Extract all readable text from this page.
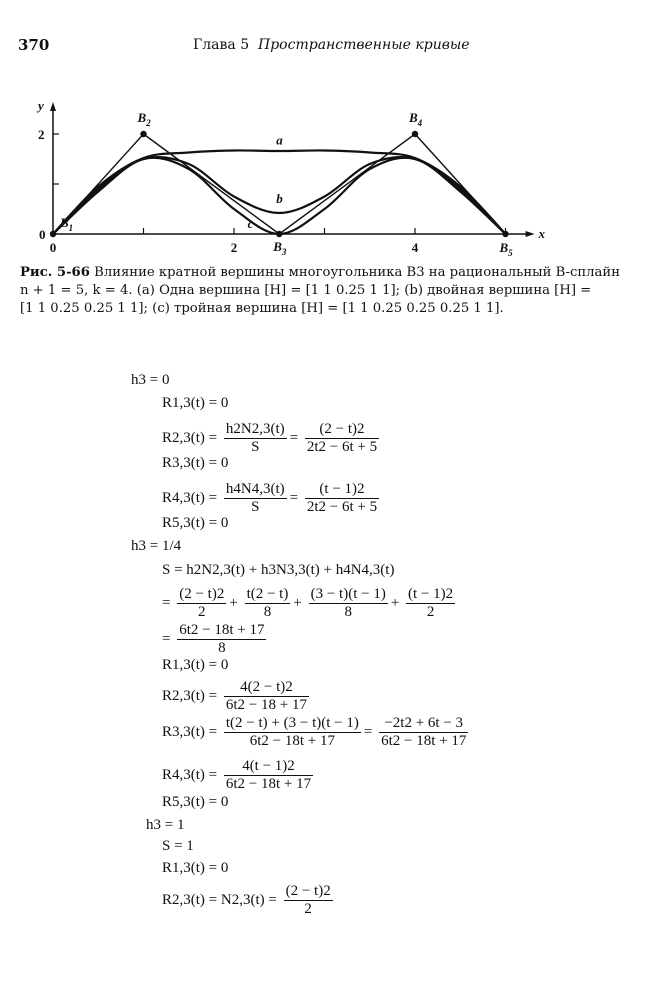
370	Глава 5 Пространственные кривые
y
x
0
2
0	2	4
$B_1$
$B_2$
$B_3$
$B_4$
$B_5$
a
b
c
Рис. 5-66 Влияние кратной вершины многоугольника B3 на рациональный B-сплайн
n + 1 = 5, k = 4. (а) Одна вершина [H] = [1 1 0.25 1 1]; (b) двойная вершина [H] =
[1 1 0.25 0.25 1 1]; (с) тройная вершина [H] = [1 1 0.25 0.25 0.25 1 1].
h3 = 0
R1,3(t) = 0
$R2,3(t) = \frac{h2N2,3(t)}{S} = \frac{(2 - t)2}{2t2 - 6t + 5}$
R3,3(t) = 0
$R4,3(t) = \frac{h4N4,3(t)}{S} = \frac{(t - 1)2}{2t2 - 6t + 5}$
R5,3(t) = 0
h3 = 1/4
S = h2N2,3(t) + h3N3,3(t) + h4N4,3(t)
= $\frac{(2 - t)2}{2} + \frac{t(2 - t)}{8} + \frac{(3 - t)(t - 1)}{8} + \frac{(t - 1)2}{2}$
= $\frac{6t2 - 18t + 17}{8}$
R1,3(t) = 0
$R2,3(t) = \frac{4(2 - t)2}{6t2 - 18 + 17}$
$R3,3(t) = \frac{t(2 - t) + (3 - t)(t - 1)}{6t2 - 18t + 17} = \frac{-2t2 + 6t - 3}{6t2 - 18t + 17}$
$R4,3(t) = \frac{4(t - 1)2}{6t2 - 18t + 17}$
R5,3(t) = 0
h3 = 1
S = 1
R1,3(t) = 0
$R2,3(t) = N2,3(t) = \frac{(2 - t)2}{2}$
